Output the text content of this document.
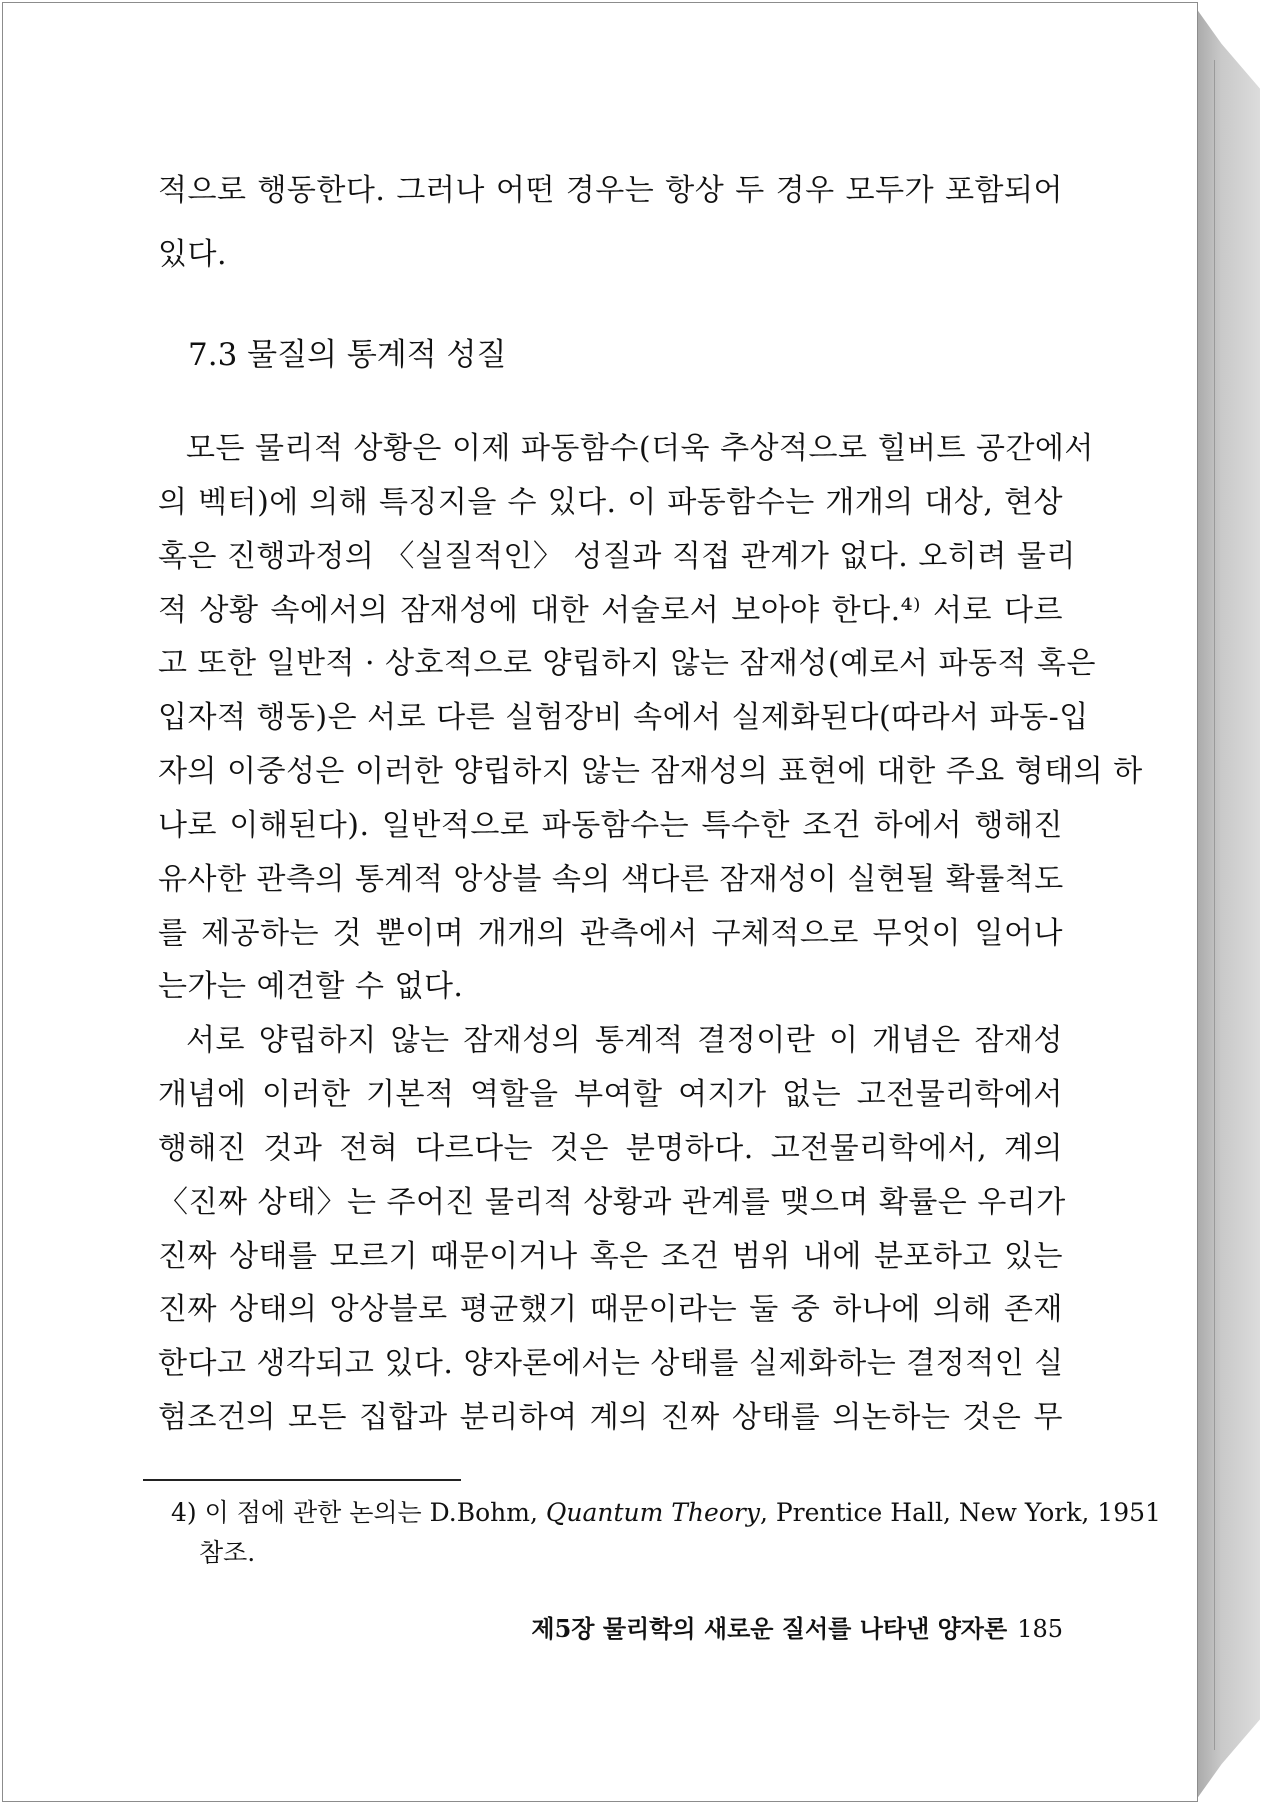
적으로 행동한다. 그러나 어떤 경우는 항상 두 경우 모두가 포함되어
있다.
7.3 물질의 통계적 성질
모든 물리적 상황은 이제 파동함수(더욱 추상적으로 힐버트 공간에서
의 벡터)에 의해 특징지을 수 있다. 이 파동함수는 개개의 대상, 현상
혹은 진행과정의 〈실질적인〉 성질과 직접 관계가 없다. 오히려 물리
적 상황 속에서의 잠재성에 대한 서술로서 보아야 한다.⁴⁾ 서로 다르
고 또한 일반적 · 상호적으로 양립하지 않는 잠재성(예로서 파동적 혹은
입자적 행동)은 서로 다른 실험장비 속에서 실제화된다(따라서 파동-입
자의 이중성은 이러한 양립하지 않는 잠재성의 표현에 대한 주요 형태의 하
나로 이해된다). 일반적으로 파동함수는 특수한 조건 하에서 행해진
유사한 관측의 통계적 앙상블 속의 색다른 잠재성이 실현될 확률척도
를 제공하는 것 뿐이며 개개의 관측에서 구체적으로 무엇이 일어나
는가는 예견할 수 없다.
서로 양립하지 않는 잠재성의 통계적 결정이란 이 개념은 잠재성
개념에 이러한 기본적 역할을 부여할 여지가 없는 고전물리학에서
행해진 것과 전혀 다르다는 것은 분명하다. 고전물리학에서, 계의
〈진짜 상태〉는 주어진 물리적 상황과 관계를 맺으며 확률은 우리가
진짜 상태를 모르기 때문이거나 혹은 조건 범위 내에 분포하고 있는
진짜 상태의 앙상블로 평균했기 때문이라는 둘 중 하나에 의해 존재
한다고 생각되고 있다. 양자론에서는 상태를 실제화하는 결정적인 실
험조건의 모든 집합과 분리하여 계의 진짜 상태를 의논하는 것은 무
4) 이 점에 관한 논의는 D.Bohm, Quantum Theory, Prentice Hall, New York, 1951
참조.
제5장 물리학의 새로운 질서를 나타낸 양자론 185
